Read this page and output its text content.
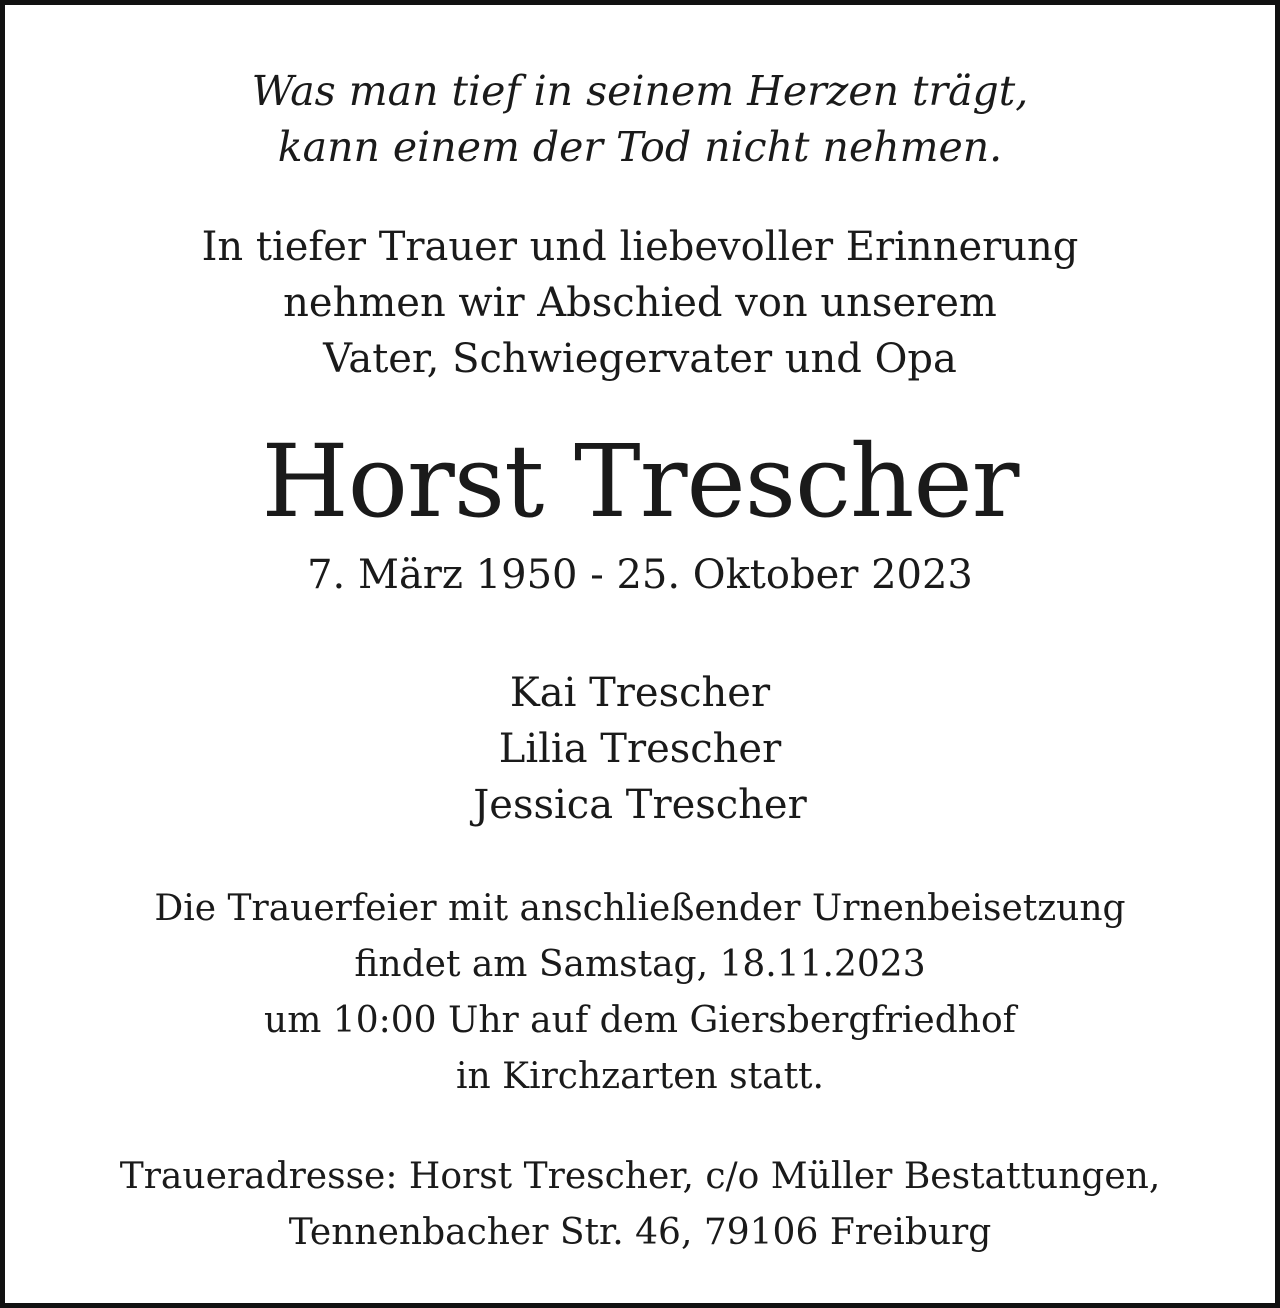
Was man tief in seinem Herzen trägt,
kann einem der Tod nicht nehmen.
In tiefer Trauer und liebevoller Erinnerung
nehmen wir Abschied von unserem
Vater, Schwiegervater und Opa
Horst Trescher
7. März 1950 - 25. Oktober 2023
Kai Trescher
Lilia Trescher
Jessica Trescher
Die Trauerfeier mit anschließender Urnenbeisetzung
findet am Samstag, 18.11.2023
um 10:00 Uhr auf dem Giersbergfriedhof
in Kirchzarten statt.
Traueradresse: Horst Trescher, c/o Müller Bestattungen,
Tennenbacher Str. 46, 79106 Freiburg
